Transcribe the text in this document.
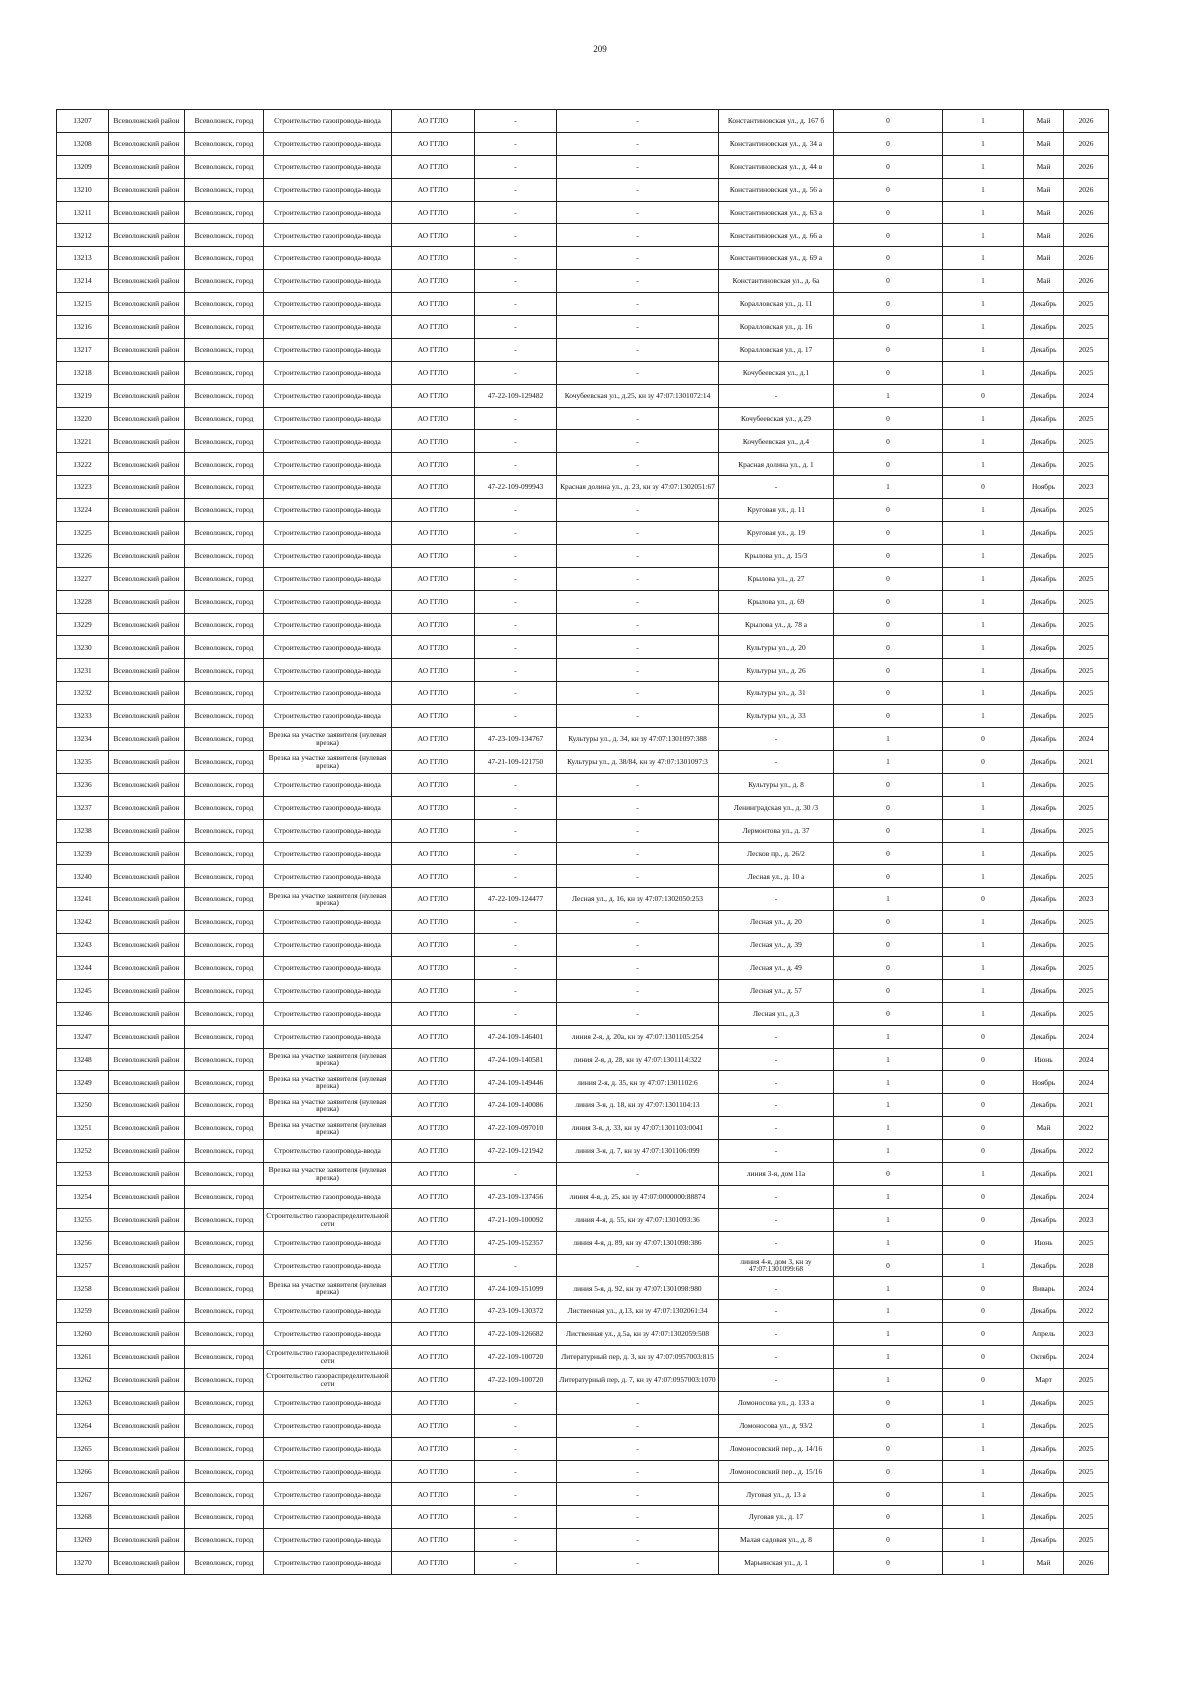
209
13207	Всеволожский район	Всеволожск, город	Строительство газопровода-ввода	АО ГГЛО	-	-	Константиновская ул., д. 167 б	0	1	Май	2026
13208	Всеволожский район	Всеволожск, город	Строительство газопровода-ввода	АО ГГЛО	-	-	Константиновская ул., д. 34 а	0	1	Май	2026
13209	Всеволожский район	Всеволожск, город	Строительство газопровода-ввода	АО ГГЛО	-	-	Константиновская ул., д. 44 в	0	1	Май	2026
13210	Всеволожский район	Всеволожск, город	Строительство газопровода-ввода	АО ГГЛО	-	-	Константиновская ул., д. 56 а	0	1	Май	2026
13211	Всеволожский район	Всеволожск, город	Строительство газопровода-ввода	АО ГГЛО	-	-	Константиновская ул., д. 63 а	0	1	Май	2026
13212	Всеволожский район	Всеволожск, город	Строительство газопровода-ввода	АО ГГЛО	-	-	Константиновская ул., д. 66 а	0	1	Май	2026
13213	Всеволожский район	Всеволожск, город	Строительство газопровода-ввода	АО ГГЛО	-	-	Константиновская ул., д. 69 а	0	1	Май	2026
13214	Всеволожский район	Всеволожск, город	Строительство газопровода-ввода	АО ГГЛО	-	-	Константиновская ул., д. 6а	0	1	Май	2026
13215	Всеволожский район	Всеволожск, город	Строительство газопровода-ввода	АО ГГЛО	-	-	Коралловская ул., д. 11	0	1	Декабрь	2025
13216	Всеволожский район	Всеволожск, город	Строительство газопровода-ввода	АО ГГЛО	-	-	Коралловская ул., д. 16	0	1	Декабрь	2025
13217	Всеволожский район	Всеволожск, город	Строительство газопровода-ввода	АО ГГЛО	-	-	Коралловская ул., д. 17	0	1	Декабрь	2025
13218	Всеволожский район	Всеволожск, город	Строительство газопровода-ввода	АО ГГЛО	-	-	Кочубеевская ул., д.1	0	1	Декабрь	2025
13219	Всеволожский район	Всеволожск, город	Строительство газопровода-ввода	АО ГГЛО	47-22-109-129482	Кочубеевская ул., д.25, кн зу 47:07:1301072:14	-	1	0	Декабрь	2024
13220	Всеволожский район	Всеволожск, город	Строительство газопровода-ввода	АО ГГЛО	-	-	Кочубеевская ул., д.29	0	1	Декабрь	2025
13221	Всеволожский район	Всеволожск, город	Строительство газопровода-ввода	АО ГГЛО	-	-	Кочубеевская ул., д.4	0	1	Декабрь	2025
13222	Всеволожский район	Всеволожск, город	Строительство газопровода-ввода	АО ГГЛО	-	-	Красная долина ул., д. 1	0	1	Декабрь	2025
13223	Всеволожский район	Всеволожск, город	Строительство газопровода-ввода	АО ГГЛО	47-22-109-099943	Красная долина ул., д. 23, кн зу 47:07:1302051:67	-	1	0	Ноябрь	2023
13224	Всеволожский район	Всеволожск, город	Строительство газопровода-ввода	АО ГГЛО	-	-	Круговая ул., д. 11	0	1	Декабрь	2025
13225	Всеволожский район	Всеволожск, город	Строительство газопровода-ввода	АО ГГЛО	-	-	Круговая ул., д. 19	0	1	Декабрь	2025
13226	Всеволожский район	Всеволожск, город	Строительство газопровода-ввода	АО ГГЛО	-	-	Крылова ул., д. 15/3	0	1	Декабрь	2025
13227	Всеволожский район	Всеволожск, город	Строительство газопровода-ввода	АО ГГЛО	-	-	Крылова ул., д. 27	0	1	Декабрь	2025
13228	Всеволожский район	Всеволожск, город	Строительство газопровода-ввода	АО ГГЛО	-	-	Крылова ул., д. 69	0	1	Декабрь	2025
13229	Всеволожский район	Всеволожск, город	Строительство газопровода-ввода	АО ГГЛО	-	-	Крылова ул., д. 78 а	0	1	Декабрь	2025
13230	Всеволожский район	Всеволожск, город	Строительство газопровода-ввода	АО ГГЛО	-	-	Культуры ул., д. 20	0	1	Декабрь	2025
13231	Всеволожский район	Всеволожск, город	Строительство газопровода-ввода	АО ГГЛО	-	-	Культуры ул., д. 26	0	1	Декабрь	2025
13232	Всеволожский район	Всеволожск, город	Строительство газопровода-ввода	АО ГГЛО	-	-	Культуры ул., д. 31	0	1	Декабрь	2025
13233	Всеволожский район	Всеволожск, город	Строительство газопровода-ввода	АО ГГЛО	-	-	Культуры ул., д. 33	0	1	Декабрь	2025
13234	Всеволожский район	Всеволожск, город	Врезка на участке заявителя (нулевая врезка)	АО ГГЛО	47-23-109-134767	Культуры ул., д. 34, кн зу 47:07:1301097:388	-	1	0	Декабрь	2024
13235	Всеволожский район	Всеволожск, город	Врезка на участке заявителя (нулевая врезка)	АО ГГЛО	47-21-109-121750	Культуры ул., д. 38/84, кн зу 47:07:1301097:3	-	1	0	Декабрь	2021
13236	Всеволожский район	Всеволожск, город	Строительство газопровода-ввода	АО ГГЛО	-	-	Культуры ул., д. 8	0	1	Декабрь	2025
13237	Всеволожский район	Всеволожск, город	Строительство газопровода-ввода	АО ГГЛО	-	-	Ленинградская ул., д. 30 /3	0	1	Декабрь	2025
13238	Всеволожский район	Всеволожск, город	Строительство газопровода-ввода	АО ГГЛО	-	-	Лермонтова ул., д. 37	0	1	Декабрь	2025
13239	Всеволожский район	Всеволожск, город	Строительство газопровода-ввода	АО ГГЛО	-	-	Лесков пр., д. 26/2	0	1	Декабрь	2025
13240	Всеволожский район	Всеволожск, город	Строительство газопровода-ввода	АО ГГЛО	-	-	Лесная ул., д. 10 а	0	1	Декабрь	2025
13241	Всеволожский район	Всеволожск, город	Врезка на участке заявителя (нулевая врезка)	АО ГГЛО	47-22-109-124477	Лесная ул., д. 16, кн зу 47:07:1302050:253	-	1	0	Декабрь	2023
13242	Всеволожский район	Всеволожск, город	Строительство газопровода-ввода	АО ГГЛО	-	-	Лесная ул., д. 20	0	1	Декабрь	2025
13243	Всеволожский район	Всеволожск, город	Строительство газопровода-ввода	АО ГГЛО	-	-	Лесная ул., д. 39	0	1	Декабрь	2025
13244	Всеволожский район	Всеволожск, город	Строительство газопровода-ввода	АО ГГЛО	-	-	Лесная ул., д. 49	0	1	Декабрь	2025
13245	Всеволожский район	Всеволожск, город	Строительство газопровода-ввода	АО ГГЛО	-	-	Лесная ул., д. 57	0	1	Декабрь	2025
13246	Всеволожский район	Всеволожск, город	Строительство газопровода-ввода	АО ГГЛО	-	-	Лесная ул., д.3	0	1	Декабрь	2025
13247	Всеволожский район	Всеволожск, город	Строительство газопровода-ввода	АО ГГЛО	47-24-109-146401	линия 2-я, д. 20а, кн зу 47:07:1301105:254	-	1	0	Декабрь	2024
13248	Всеволожский район	Всеволожск, город	Врезка на участке заявителя (нулевая врезка)	АО ГГЛО	47-24-109-140581	линия 2-я, д. 28, кн зу 47:07:1301114:322	-	1	0	Июнь	2024
13249	Всеволожский район	Всеволожск, город	Врезка на участке заявителя (нулевая врезка)	АО ГГЛО	47-24-109-149446	линия 2-я, д. 35, кн зу 47:07:1301102:6	-	1	0	Ноябрь	2024
13250	Всеволожский район	Всеволожск, город	Врезка на участке заявителя (нулевая врезка)	АО ГГЛО	47-24-109-140086	линия 3-я, д. 18, кн зу 47:07:1301104:13	-	1	0	Декабрь	2021
13251	Всеволожский район	Всеволожск, город	Врезка на участке заявителя (нулевая врезка)	АО ГГЛО	47-22-109-097010	линия 3-я, д. 33, кн зу 47:07:1301103:0041	-	1	0	Май	2022
13252	Всеволожский район	Всеволожск, город	Строительство газопровода-ввода	АО ГГЛО	47-22-109-121942	линия 3-я, д. 7, кн зу 47:07:1301106:099	-	1	0	Декабрь	2022
13253	Всеволожский район	Всеволожск, город	Врезка на участке заявителя (нулевая врезка)	АО ГГЛО	-	-	линия 3-я, дом 11а	0	1	Декабрь	2021
13254	Всеволожский район	Всеволожск, город	Строительство газопровода-ввода	АО ГГЛО	47-23-109-137456	линия 4-я, д. 25, кн зу 47:07:0000000:88874	-	1	0	Декабрь	2024
13255	Всеволожский район	Всеволожск, город	Строительство газораспределительной сети	АО ГГЛО	47-21-109-100092	линия 4-я, д. 55, кн зу 47:07:1301093:36	-	1	0	Декабрь	2023
13256	Всеволожский район	Всеволожск, город	Строительство газопровода-ввода	АО ГГЛО	47-25-109-152357	линия 4-я, д. 89, кн зу 47:07:1301098:386	-	1	0	Июнь	2025
13257	Всеволожский район	Всеволожск, город	Строительство газопровода-ввода	АО ГГЛО	-	-	линия 4-я, дом 3, кн зу 47:07:1301099:68	0	1	Декабрь	2028
13258	Всеволожский район	Всеволожск, город	Врезка на участке заявителя (нулевая врезка)	АО ГГЛО	47-24-109-151099	линия 5-я, д. 92, кн зу 47:07:1301098:980	-	1	0	Январь	2024
13259	Всеволожский район	Всеволожск, город	Строительство газопровода-ввода	АО ГГЛО	47-23-109-130372	Лиственная ул., д.13, кн зу 47:07:1302061:34	-	1	0	Декабрь	2022
13260	Всеволожский район	Всеволожск, город	Строительство газопровода-ввода	АО ГГЛО	47-22-109-126682	Лиственная ул., д.5а, кн зу 47:07:1302059:508	-	1	0	Апрель	2023
13261	Всеволожский район	Всеволожск, город	Строительство газораспределительной сети	АО ГГЛО	47-22-109-100720	Литературный пер, д. 3, кн зу 47:07:0957003:815	-	1	0	Октябрь	2024
13262	Всеволожский район	Всеволожск, город	Строительство газораспределительной сети	АО ГГЛО	47-22-109-100720	Литературный пер, д. 7, кн зу 47:07:0957003:1070	-	1	0	Март	2025
13263	Всеволожский район	Всеволожск, город	Строительство газопровода-ввода	АО ГГЛО	-	-	Ломоносова ул., д. 133 а	0	1	Декабрь	2025
13264	Всеволожский район	Всеволожск, город	Строительство газопровода-ввода	АО ГГЛО	-	-	Ломоносова ул., д. 93/2	0	1	Декабрь	2025
13265	Всеволожский район	Всеволожск, город	Строительство газопровода-ввода	АО ГГЛО	-	-	Ломоносовский пер., д. 14/16	0	1	Декабрь	2025
13266	Всеволожский район	Всеволожск, город	Строительство газопровода-ввода	АО ГГЛО	-	-	Ломоносовский пер., д. 15/16	0	1	Декабрь	2025
13267	Всеволожский район	Всеволожск, город	Строительство газопровода-ввода	АО ГГЛО	-	-	Луговая ул., д. 13 а	0	1	Декабрь	2025
13268	Всеволожский район	Всеволожск, город	Строительство газопровода-ввода	АО ГГЛО	-	-	Луговая ул., д. 17	0	1	Декабрь	2025
13269	Всеволожский район	Всеволожск, город	Строительство газопровода-ввода	АО ГГЛО	-	-	Малая садовая ул., д. 8	0	1	Декабрь	2025
13270	Всеволожский район	Всеволожск, город	Строительство газопровода-ввода	АО ГГЛО	-	-	Марьинская ул., д. 1	0	1	Май	2026
